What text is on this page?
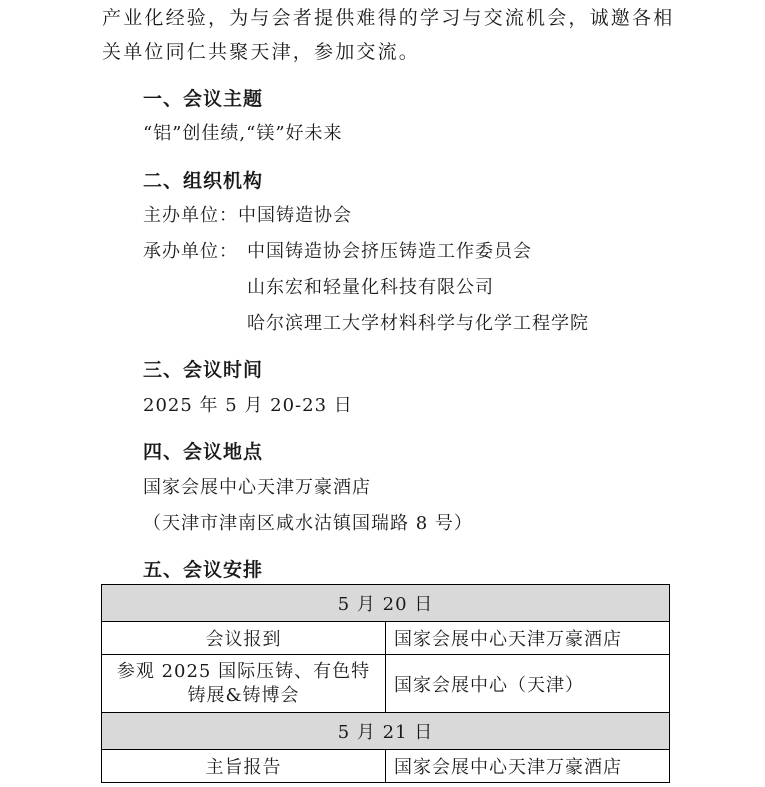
产业化经验，为与会者提供难得的学习与交流机会，诚邀各相
关单位同仁共聚天津，参加交流。
一、会议主题
“铝”创佳绩,“镁”好未来
二、组织机构
主办单位：中国铸造协会
承办单位： 中国铸造协会挤压铸造工作委员会
山东宏和轻量化科技有限公司
哈尔滨理工大学材料科学与化学工程学院
三、会议时间
2025 年 5 月 20-23 日
四、会议地点
国家会展中心天津万豪酒店
（天津市津南区咸水沽镇国瑞路 8 号）
五、会议安排
5 月 20 日	
会议报到	国家会展中心天津万豪酒店
参观 2025 国际压铸、有色特
铸展&铸博会	国家会展中心（天津）
5 月 21 日	
主旨报告	国家会展中心天津万豪酒店
